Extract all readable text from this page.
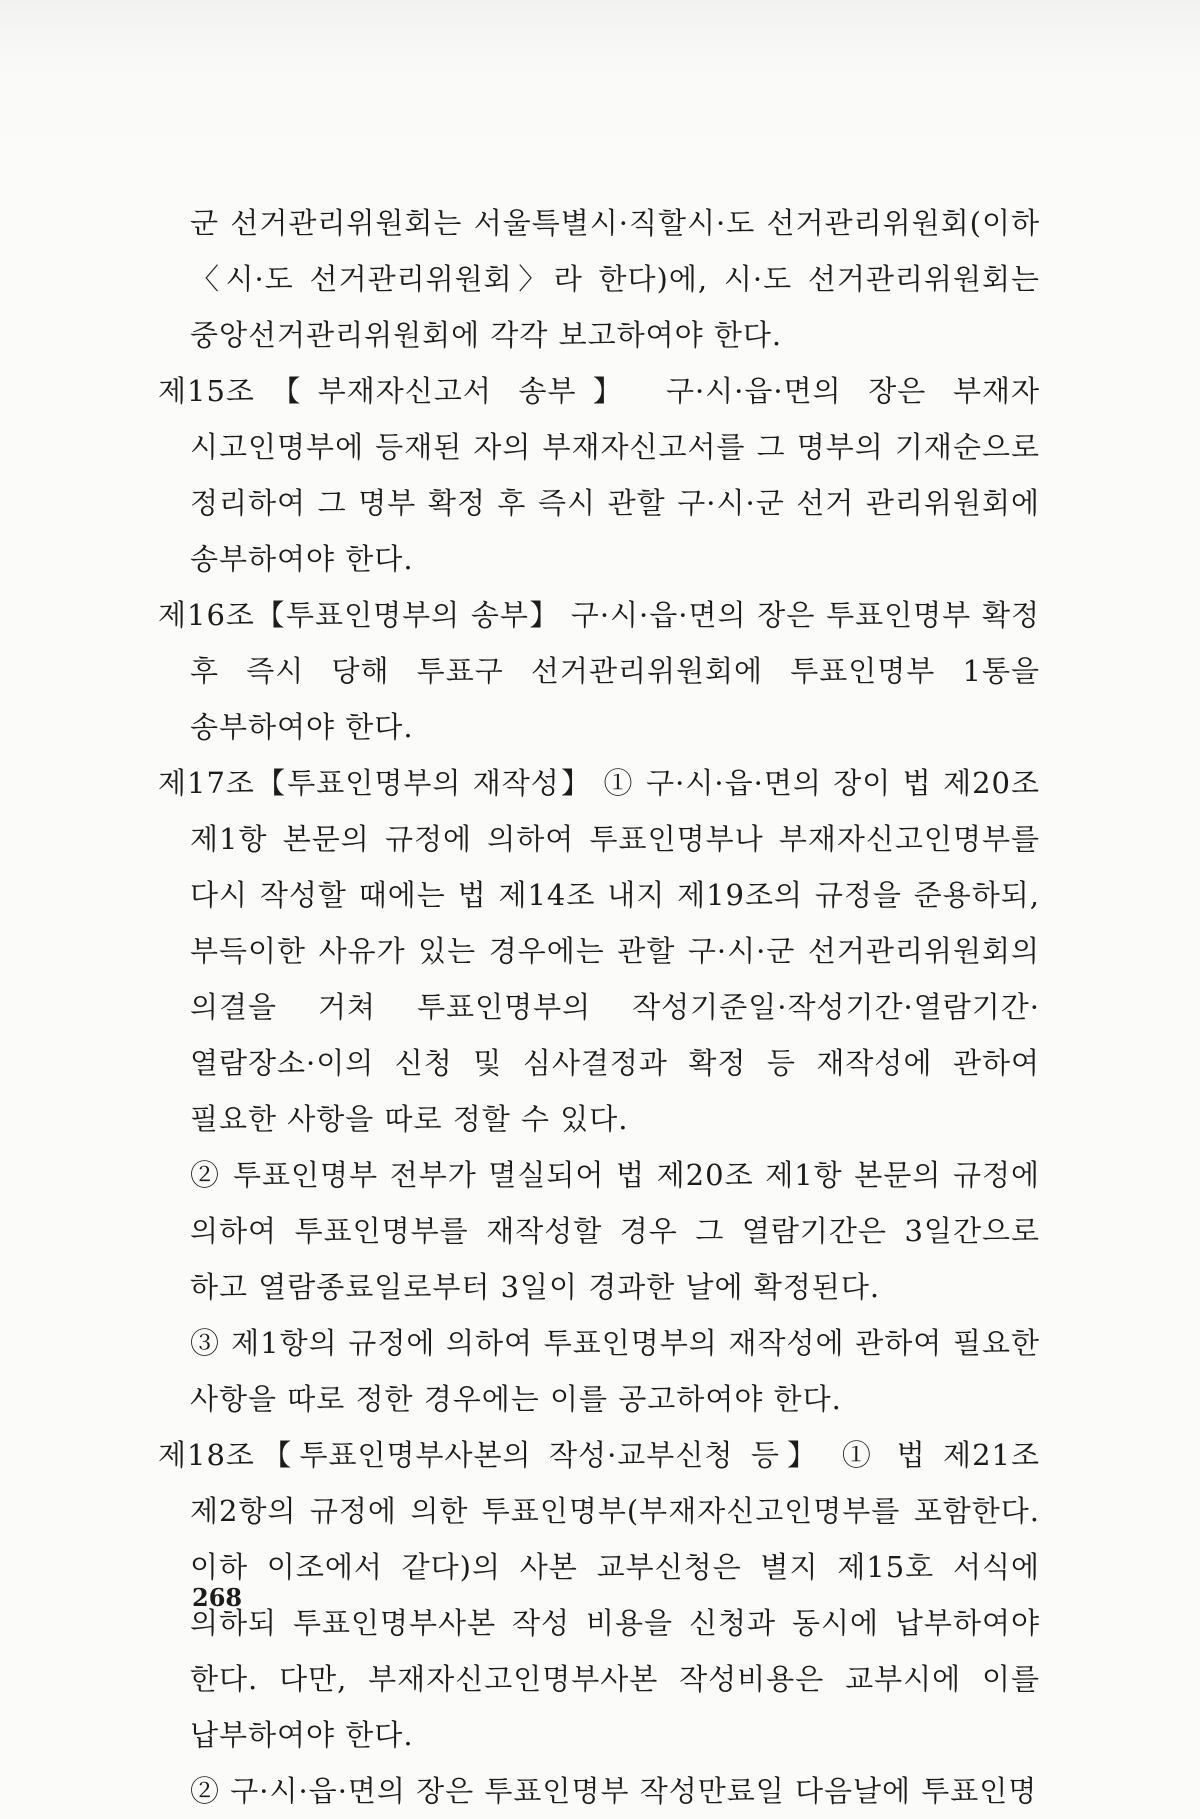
군 선거관리위원회는 서울특별시·직할시·도 선거관리위원회(이하 〈시·도 선거관리위원회〉라 한다)에, 시·도 선거관리위원회는 중앙선거관리위원회에 각각 보고하여야 한다.

제15조【부재자신고서 송부】 구·시·읍·면의 장은 부재자 시고인명부에 등재된 자의 부재자신고서를 그 명부의 기재순으로 정리하여 그 명부 확정 후 즉시 관할 구·시·군 선거 관리위원회에 송부하여야 한다.

제16조【투표인명부의 송부】 구·시·읍·면의 장은 투표인명부 확정 후 즉시 당해 투표구 선거관리위원회에 투표인명부 1통을 송부하여야 한다.

제17조【투표인명부의 재작성】 ① 구·시·읍·면의 장이 법 제20조 제1항 본문의 규정에 의하여 투표인명부나 부재자신고인명부를 다시 작성할 때에는 법 제14조 내지 제19조의 규정을 준용하되, 부득이한 사유가 있는 경우에는 관할 구·시·군 선거관리위원회의 의결을 거쳐 투표인명부의 작성기준일·작성기간·열람기간·열람장소·이의 신청 및 심사결정과 확정 등 재작성에 관하여 필요한 사항을 따로 정할 수 있다.

② 투표인명부 전부가 멸실되어 법 제20조 제1항 본문의 규정에 의하여 투표인명부를 재작성할 경우 그 열람기간은 3일간으로 하고 열람종료일로부터 3일이 경과한 날에 확정된다.

③ 제1항의 규정에 의하여 투표인명부의 재작성에 관하여 필요한 사항을 따로 정한 경우에는 이를 공고하여야 한다.

제18조【투표인명부사본의 작성·교부신청 등】 ① 법 제21조 제2항의 규정에 의한 투표인명부(부재자신고인명부를 포함한다. 이하 이조에서 같다)의 사본 교부신청은 별지 제15호 서식에 의하되 투표인명부사본 작성 비용을 신청과 동시에 납부하여야 한다. 다만, 부재자신고인명부사본 작성비용은 교부시에 이를 납부하여야 한다.

② 구·시·읍·면의 장은 투표인명부 작성만료일 다음날에 투표인명

268
